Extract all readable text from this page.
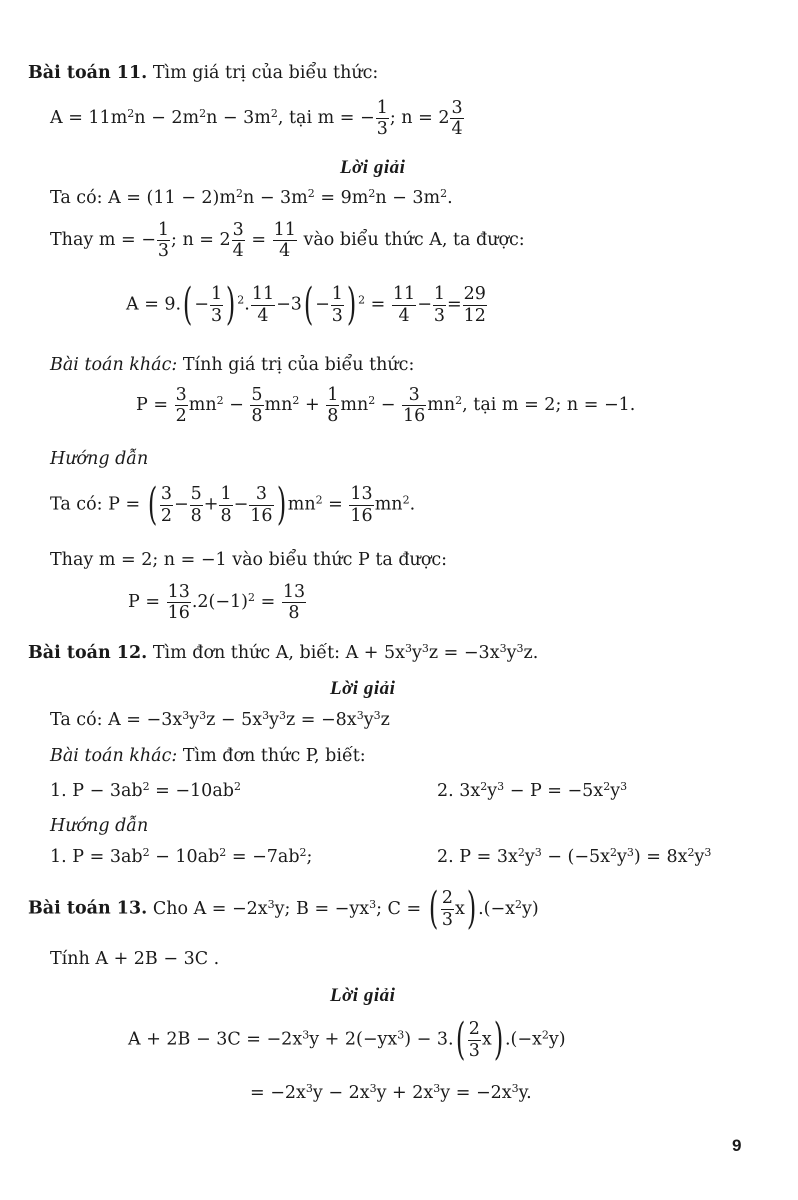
Bài toán 11. Tìm giá trị của biểu thức:
$A = 11m^2n - 2m^2n - 3m^2$, tại m = − $\frac{1}{3}$ ; $n = 2 \frac{3}{4}$
Lời giải
Ta có: $A = (11 - 2)m^2n - 3m^2 = 9m^2n - 3m^2$.
Thay m = − $\frac{1}{3}$ ; $n = 2 \frac{3}{4} = \frac{11}{4}$ vào biểu thức A, ta được:
$A = 9.( - \frac{1}{3}$ ) $^2$. $\frac{11}{4} -3( - \frac{1}{3}$ ) $^2 = \frac{11}{4} - \frac{1}{3} = \frac{29}{12}$
Bài toán khác: Tính giá trị của biểu thức:
$P = \frac{3}{2} mn^2 - \frac{5}{8} mn^2 + \frac{1}{8} mn^2 - \frac{3}{16} mn^2$, tại m = 2; n = −1.
Hướng dẫn
Ta có: P = ( $\frac{3}{2} - \frac{5}{8} + \frac{1}{8} - \frac{3}{16}$ ) $mn^2 = \frac{13}{16} mn^2$.
Thay m = 2; n = −1 vào biểu thức P ta được:
$P = \frac{13}{16} .2(-1)^2 = \frac{13}{8}$
Bài toán 12. Tìm đơn thức A, biết: $A + 5x^3y^3z = -3x^3y^3z$.
Lời giải
Ta có: $A = -3x^3y^3z - 5x^3y^3z = -8x^3y^3z$
Bài toán khác: Tìm đơn thức P, biết:
1. $P - 3ab^2 = -10ab^2$	2. $3x^2y^3 - P = -5x^2y^3$
Hướng dẫn
1. $P = 3ab^2 - 10ab^2 = -7ab^2$;	2. $P = 3x^2y^3 - (-5x^2y^3) = 8x^2y^3$
Bài toán 13. Cho $A = -2x^3y$; $B = -yx^3$; C = ( $\frac{2}{3} x$) $.(-x^2y)$
Tính A + 2B − 3C .
Lời giải
$A + 2B - 3C = -2x^3y + 2(-yx^3) - 3.( \frac{2}{3} x)$ $.(-x^2y)$
= $-2x^3y - 2x^3y + 2x^3y = -2x^3y$.
9
